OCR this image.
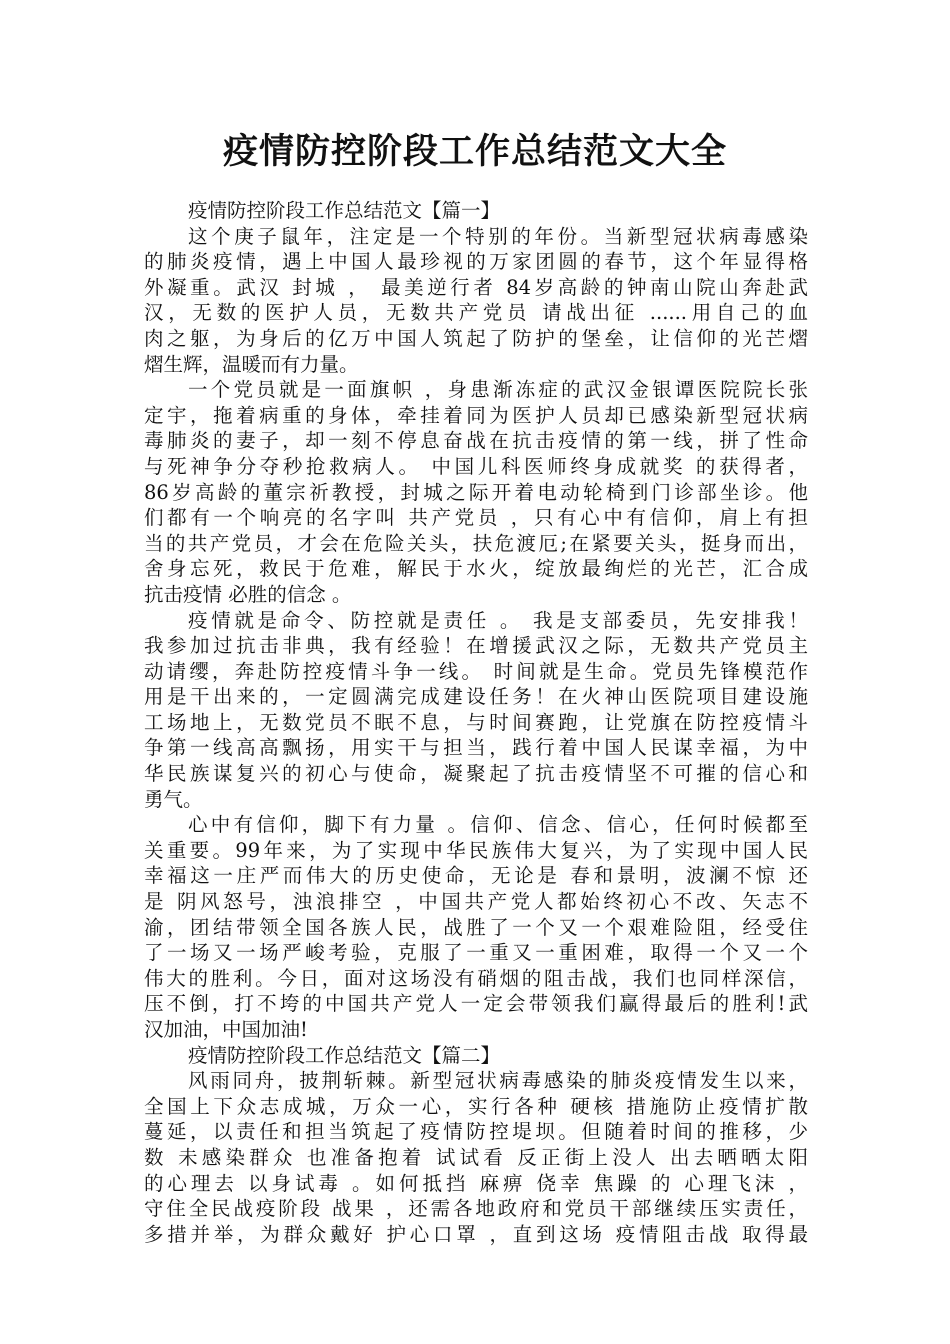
疫情防控阶段工作总结范文大全
疫情防控阶段工作总结范文【篇一】
这个庚子鼠年，注定是一个特别的年份。当新型冠状病毒感染
的肺炎疫情，遇上中国人最珍视的万家团圆的春节，这个年显得格
外凝重。武汉 封城 ， 最美逆行者 84岁高龄的钟南山院山奔赴武
汉，无数的医护人员，无数共产党员 请战出征 ......用自己的血
肉之躯，为身后的亿万中国人筑起了防护的堡垒，让信仰的光芒熠
熠生辉，温暖而有力量。
一个党员就是一面旗帜 ，身患渐冻症的武汉金银谭医院院长张
定宇，拖着病重的身体，牵挂着同为医护人员却已感染新型冠状病
毒肺炎的妻子，却一刻不停息奋战在抗击疫情的第一线，拼了性命
与死神争分夺秒抢救病人。 中国儿科医师终身成就奖 的获得者，
86岁高龄的董宗祈教授，封城之际开着电动轮椅到门诊部坐诊。他
们都有一个响亮的名字叫 共产党员 ，只有心中有信仰，肩上有担
当的共产党员，才会在危险关头，扶危渡厄;在紧要关头，挺身而出，
舍身忘死，救民于危难，解民于水火，绽放最绚烂的光芒，汇合成
抗击疫情 必胜的信念 。
疫情就是命令、防控就是责任 。 我是支部委员，先安排我！
我参加过抗击非典，我有经验！在增援武汉之际，无数共产党员主
动请缨，奔赴防控疫情斗争一线。 时间就是生命。党员先锋模范作
用是干出来的，一定圆满完成建设任务！在火神山医院项目建设施
工场地上，无数党员不眠不息，与时间赛跑，让党旗在防控疫情斗
争第一线高高飘扬，用实干与担当，践行着中国人民谋幸福，为中
华民族谋复兴的初心与使命，凝聚起了抗击疫情坚不可摧的信心和
勇气。
心中有信仰，脚下有力量 。信仰、信念、信心，任何时候都至
关重要。99年来，为了实现中华民族伟大复兴，为了实现中国人民
幸福这一庄严而伟大的历史使命，无论是 春和景明，波澜不惊 还
是 阴风怒号，浊浪排空 ，中国共产党人都始终初心不改、矢志不
渝，团结带领全国各族人民，战胜了一个又一个艰难险阻，经受住
了一场又一场严峻考验，克服了一重又一重困难，取得一个又一个
伟大的胜利。今日，面对这场没有硝烟的阻击战，我们也同样深信，
压不倒，打不垮的中国共产党人一定会带领我们赢得最后的胜利!武
汉加油，中国加油!
疫情防控阶段工作总结范文【篇二】
风雨同舟，披荆斩棘。新型冠状病毒感染的肺炎疫情发生以来，
全国上下众志成城，万众一心，实行各种 硬核 措施防止疫情扩散
蔓延，以责任和担当筑起了疫情防控堤坝。但随着时间的推移，少
数 未感染群众 也准备抱着 试试看 反正街上没人 出去晒晒太阳
的心理去 以身试毒 。如何抵挡 麻痹 侥幸 焦躁 的 心理飞沫 ，
守住全民战疫阶段 战果 ，还需各地政府和党员干部继续压实责任，
多措并举，为群众戴好 护心口罩 ，直到这场 疫情阻击战 取得最
